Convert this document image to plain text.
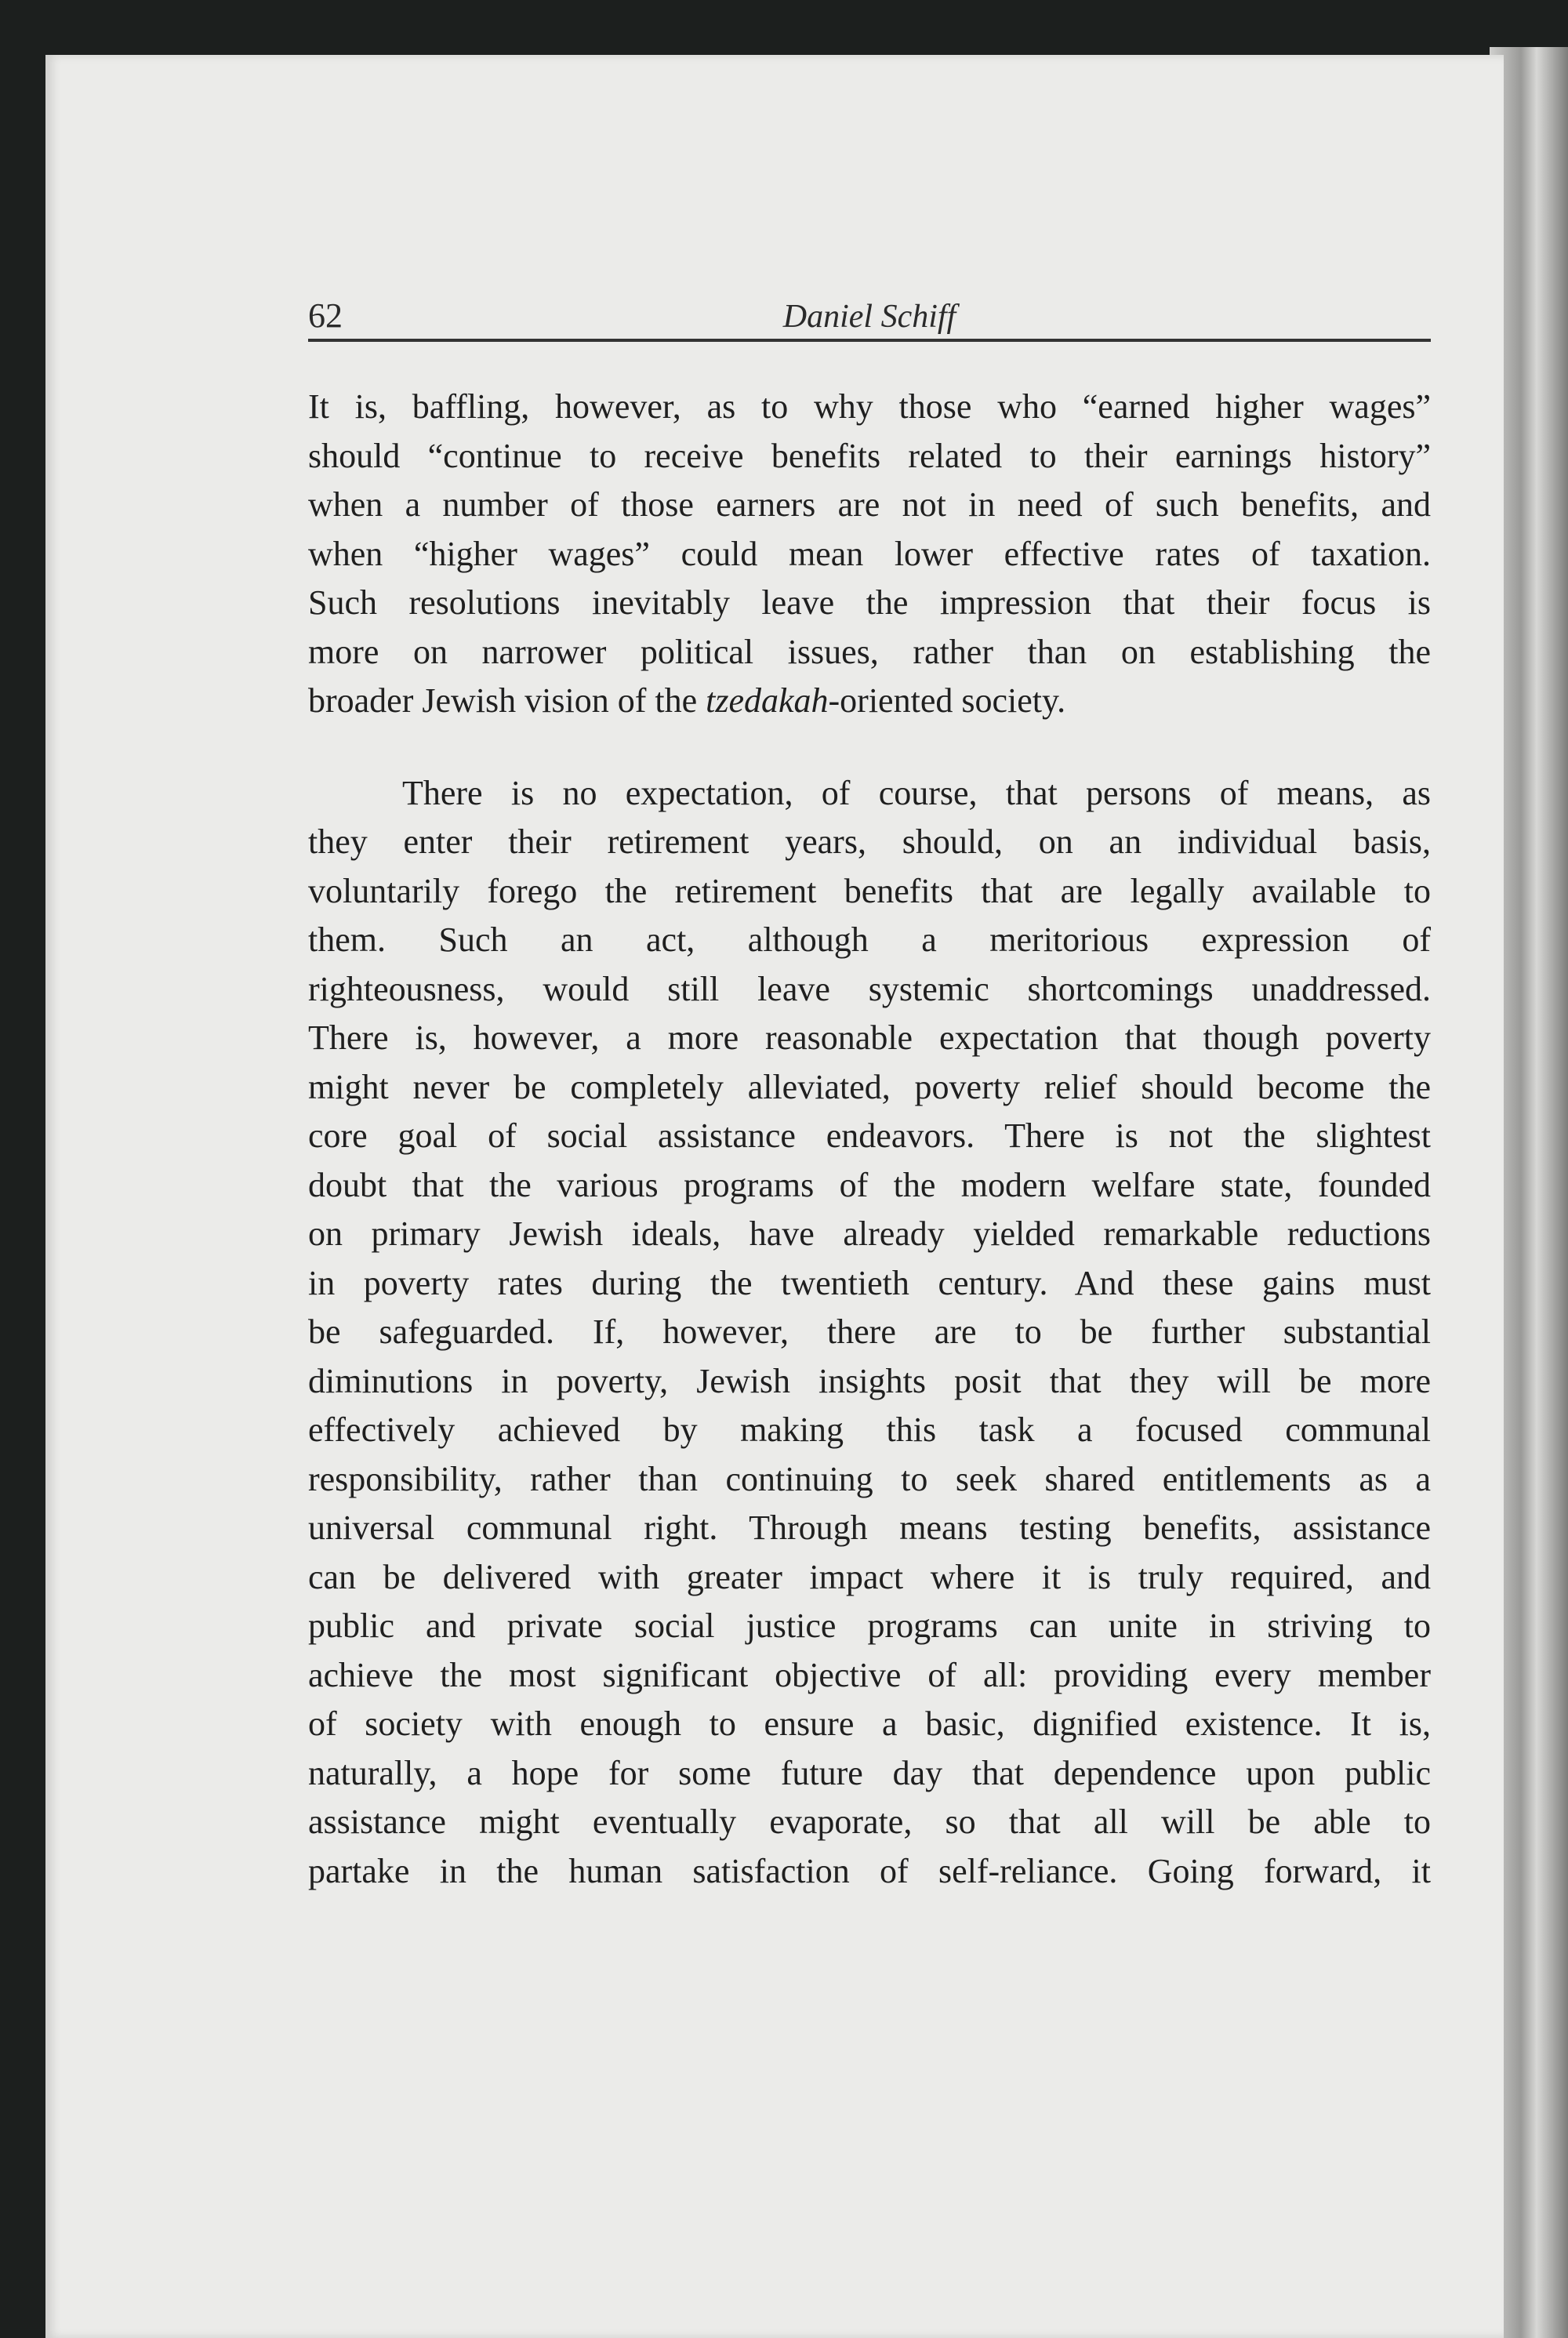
62	Daniel Schiff
It is, baffling, however, as to why those who “earned higher wages”
should “continue to receive benefits related to their earnings history”
when a number of those earners are not in need of such benefits, and
when “higher wages” could mean lower effective rates of taxation.
Such resolutions inevitably leave the impression that their focus is
more on narrower political issues, rather than on establishing the
broader Jewish vision of the tzedakah-oriented society.
There is no expectation, of course, that persons of means, as
they enter their retirement years, should, on an individual basis,
voluntarily forego the retirement benefits that are legally available to
them. Such an act, although a meritorious expression of
righteousness, would still leave systemic shortcomings unaddressed.
There is, however, a more reasonable expectation that though poverty
might never be completely alleviated, poverty relief should become the
core goal of social assistance endeavors. There is not the slightest
doubt that the various programs of the modern welfare state, founded
on primary Jewish ideals, have already yielded remarkable reductions
in poverty rates during the twentieth century. And these gains must
be safeguarded. If, however, there are to be further substantial
diminutions in poverty, Jewish insights posit that they will be more
effectively achieved by making this task a focused communal
responsibility, rather than continuing to seek shared entitlements as a
universal communal right. Through means testing benefits, assistance
can be delivered with greater impact where it is truly required, and
public and private social justice programs can unite in striving to
achieve the most significant objective of all: providing every member
of society with enough to ensure a basic, dignified existence. It is,
naturally, a hope for some future day that dependence upon public
assistance might eventually evaporate, so that all will be able to
partake in the human satisfaction of self-reliance. Going forward, it
